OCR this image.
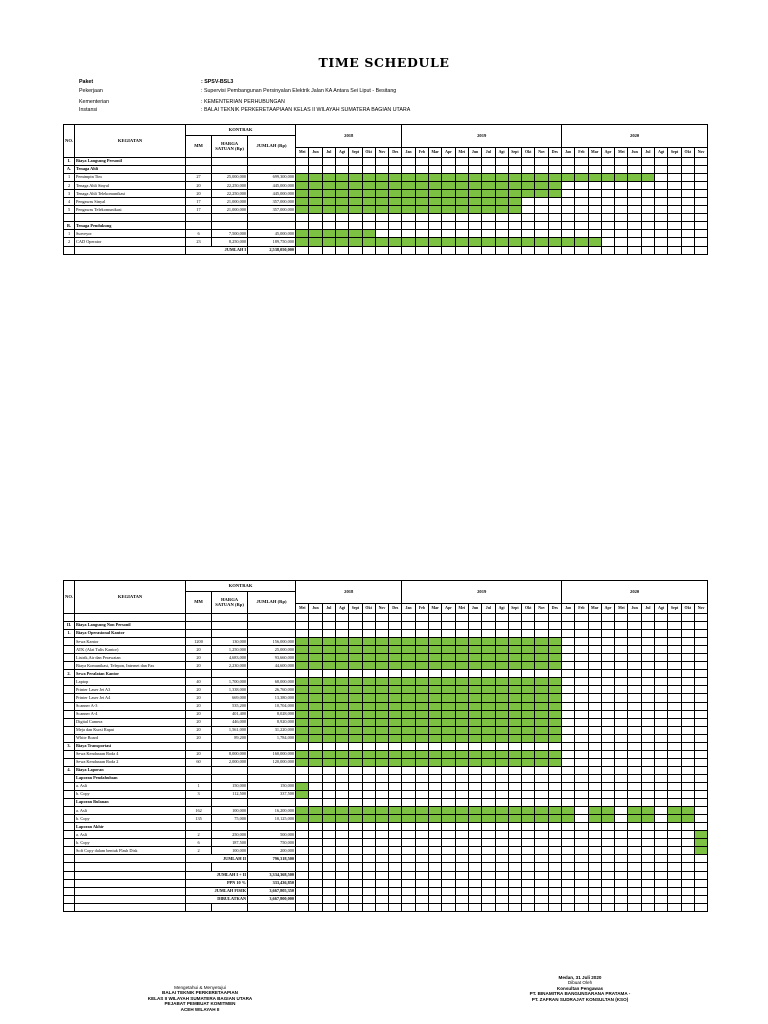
TIME SCHEDULE
Paket	: SPSV-BSL3
Pekerjaan	: Supervisi Pembangunan Persinyalan Elektrik Jalan KA Antara Sei Liput - Besitang
Kementerian	: KEMENTERIAN PERHUBUNGAN
Instansi	: BALAI TEKNIK PERKERETAAPIAAN KELAS II WILAYAH SUMATERA BAGIAN UTARA
NO.	KEGIATAN	KONTRAK			2018								2019												2020										
		MM	HARGA SATUAN (Rp)	JUMLAH (Rp)																															
					Mei	Jun	Jul	Agt	Sept	Okt	Nov	Des	Jan	Feb	Mar	Apr	Mei	Jun	Jul	Agt	Sept	Okt	Nov	Des	Jan	Feb	Mar	Apr	Mei	Jun	Jul	Agt	Sept	Okt	Nov
I.	Biaya Langsung Personil																																		
A.	Tenaga Ahli																																		
1	Pemimpin Tim	27	25,000,000	699,300,000																															
2	Tenaga Ahli Sinyal	20	22,250,000	445,000,000																															
3	Tenaga Ahli Telekomunikasi	20	22,250,000	445,000,000																															
4	Pengawas Sinyal	17	21,000,000	357,000,000																															
5	Pengawas Telekomunikasi	17	21,000,000	357,000,000																															

B.	Tenaga Pendukung																																		
1	Surveyor	6	7,500,000	45,000,000																															
2	CAD Operator	23	8,250,000	189,750,000																															
		JUMLAH I		2,538,050,000																															
NO.	KEGIATAN	KONTRAK			2018								2019												2020										
		MM	HARGA SATUAN (Rp)	JUMLAH (Rp)																															
					Mei	Jun	Jul	Agt	Sept	Okt	Nov	Des	Jan	Feb	Mar	Apr	Mei	Jun	Jul	Agt	Sept	Okt	Nov	Des	Jan	Feb	Mar	Apr	Mei	Jun	Jul	Agt	Sept	Okt	Nov

II.	Biaya Langsung Non Personil																																		
1.	Biaya Operasional Kantor																																		
	Sewa Kantor	1200	130,000	156,000,000																															
	ATK (Alat Tulis Kantor)	20	1,250,000	25,000,000																															
	Listrik,Air dan Perawatan	20	4,683,000	93,660,000																															
	Biaya Komunikasi, Telepon, Internet dan Fax	20	2,230,000	44,600,000																															
2.	Sewa Peralatan Kantor																																		
	Laptop	40	1,700,000	68,000,000																															
	Printer Laser Jet A3	20	1,338,000	26,760,000																															
	Printer Laser Jet A4	20	669,000	13,380,000																															
	Scanner A-3	20	535,200	10,704,000																															
	Scanner A-4	20	401,400	8,028,000																															
	Digital Camera	20	446,000	8,920,000																															
	Meja dan Kursi Rapat	20	1,561,000	31,220,000																															
	White Board	20	89,200	1,784,000																															
3.	Biaya Transportasi																																		
	Sewa Kendaraan Roda 4	20	8,000,000	160,000,000																															
	Sewa Kendaraan Roda 2	60	2,000,000	120,000,000																															
4.	Biaya Laporan																																		
	Laporan Pendahuluan																																		
	a. Asli	1	150,000	150,000																															
	b. Copy	3	112,500	337,500																															
	Laporan Bulanan																																		
	a. Asli	162	100,000	16,200,000																															
	b. Copy	135	75,000	10,125,000																															
	Laporan Akhir																																		
	a. Asli	2	250,000	500,000																															
	b. Copy	6	187,500	750,000																															
	Soft Copy dalam bentuk Flash Disk	2	100,000	200,000																															
		JUMLAH II		796,318,500																															

		JUMLAH I + II		3,334,368,500																															
		PPN 10 %		333,436,850																															
		JUMLAH FISIK		3,667,805,350																															
		DIBULATKAN		3,667,800,000																															

Mengetahui & Menyetujui
BALAI TEKNIK PERKERETAAPIAN
KELAS II WILAYAH SUMATERA BAGIAN UTARA
PEJABAT PEMBUAT KOMITMEN
ACEH WILAYAH II
Medan, 31 Juli 2020
Dibuat Oleh
Konsultan Pengawas
PT. BINAMITRA BANGUNSARANA PRATAMA -
PT. ZAFRAN SUDRAJAT KONSULTAN (KSO)
